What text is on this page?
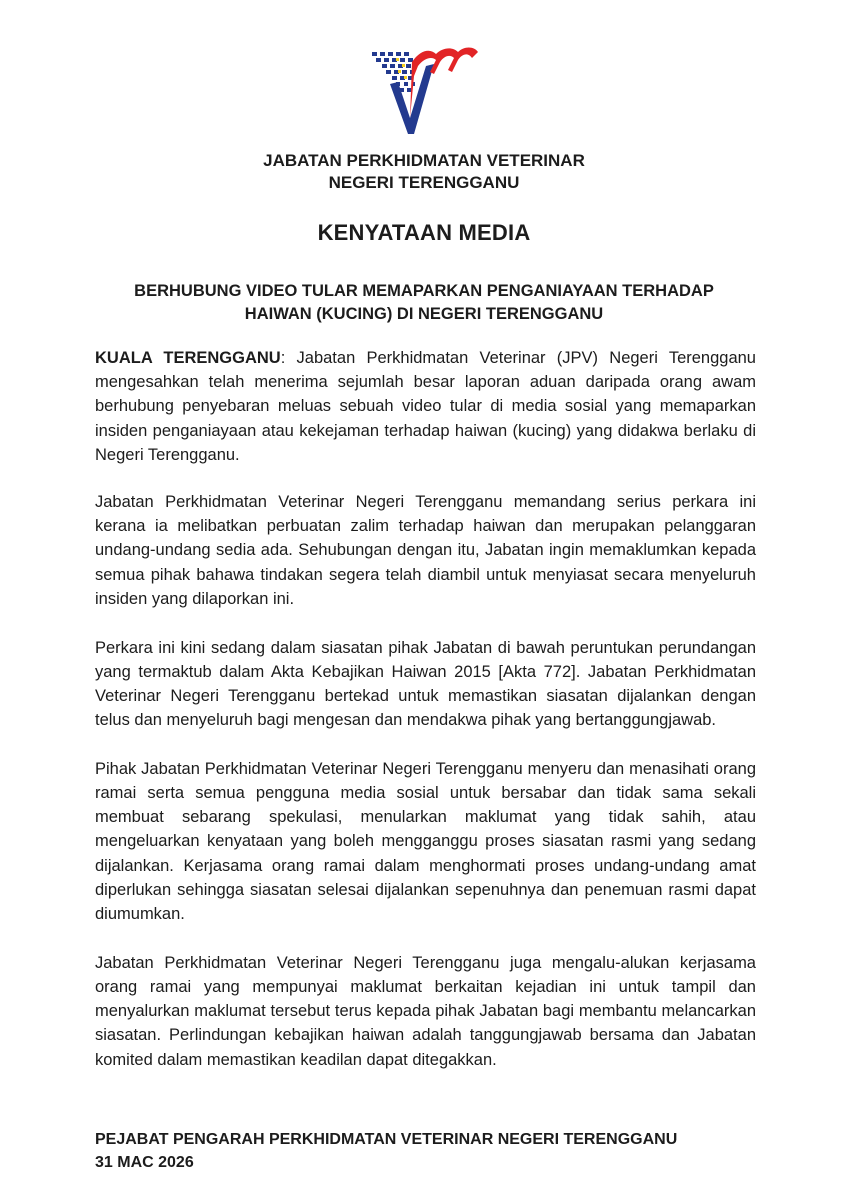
JABATAN PERKHIDMATAN VETERINAR
NEGERI TERENGGANU
KENYATAAN MEDIA
BERHUBUNG VIDEO TULAR MEMAPARKAN PENGANIAYAAN TERHADAP
HAIWAN (KUCING) DI NEGERI TERENGGANU

KUALA TERENGGANU: Jabatan Perkhidmatan Veterinar (JPV) Negeri Terengganu mengesahkan telah menerima sejumlah besar laporan aduan daripada orang awam berhubung penyebaran meluas sebuah video tular di media sosial yang memaparkan insiden penganiayaan atau kekejaman terhadap haiwan (kucing) yang didakwa berlaku di Negeri Terengganu.

Jabatan Perkhidmatan Veterinar Negeri Terengganu memandang serius perkara ini kerana ia melibatkan perbuatan zalim terhadap haiwan dan merupakan pelanggaran undang-undang sedia ada. Sehubungan dengan itu, Jabatan ingin memaklumkan kepada semua pihak bahawa tindakan segera telah diambil untuk menyiasat secara menyeluruh insiden yang dilaporkan ini.

Perkara ini kini sedang dalam siasatan pihak Jabatan di bawah peruntukan perundangan yang termaktub dalam Akta Kebajikan Haiwan 2015 [Akta 772]. Jabatan Perkhidmatan Veterinar Negeri Terengganu bertekad untuk memastikan siasatan dijalankan dengan telus dan menyeluruh bagi mengesan dan mendakwa pihak yang bertanggungjawab.

Pihak Jabatan Perkhidmatan Veterinar Negeri Terengganu menyeru dan menasihati orang ramai serta semua pengguna media sosial untuk bersabar dan tidak sama sekali membuat sebarang spekulasi, menularkan maklumat yang tidak sahih, atau mengeluarkan kenyataan yang boleh mengganggu proses siasatan rasmi yang sedang dijalankan. Kerjasama orang ramai dalam menghormati proses undang-undang amat diperlukan sehingga siasatan selesai dijalankan sepenuhnya dan penemuan rasmi dapat diumumkan.

Jabatan Perkhidmatan Veterinar Negeri Terengganu juga mengalu-alukan kerjasama orang ramai yang mempunyai maklumat berkaitan kejadian ini untuk tampil dan menyalurkan maklumat tersebut terus kepada pihak Jabatan bagi membantu melancarkan siasatan. Perlindungan kebajikan haiwan adalah tanggungjawab bersama dan Jabatan komited dalam memastikan keadilan dapat ditegakkan.

PEJABAT PENGARAH PERKHIDMATAN VETERINAR NEGERI TERENGGANU
31 MAC 2026
